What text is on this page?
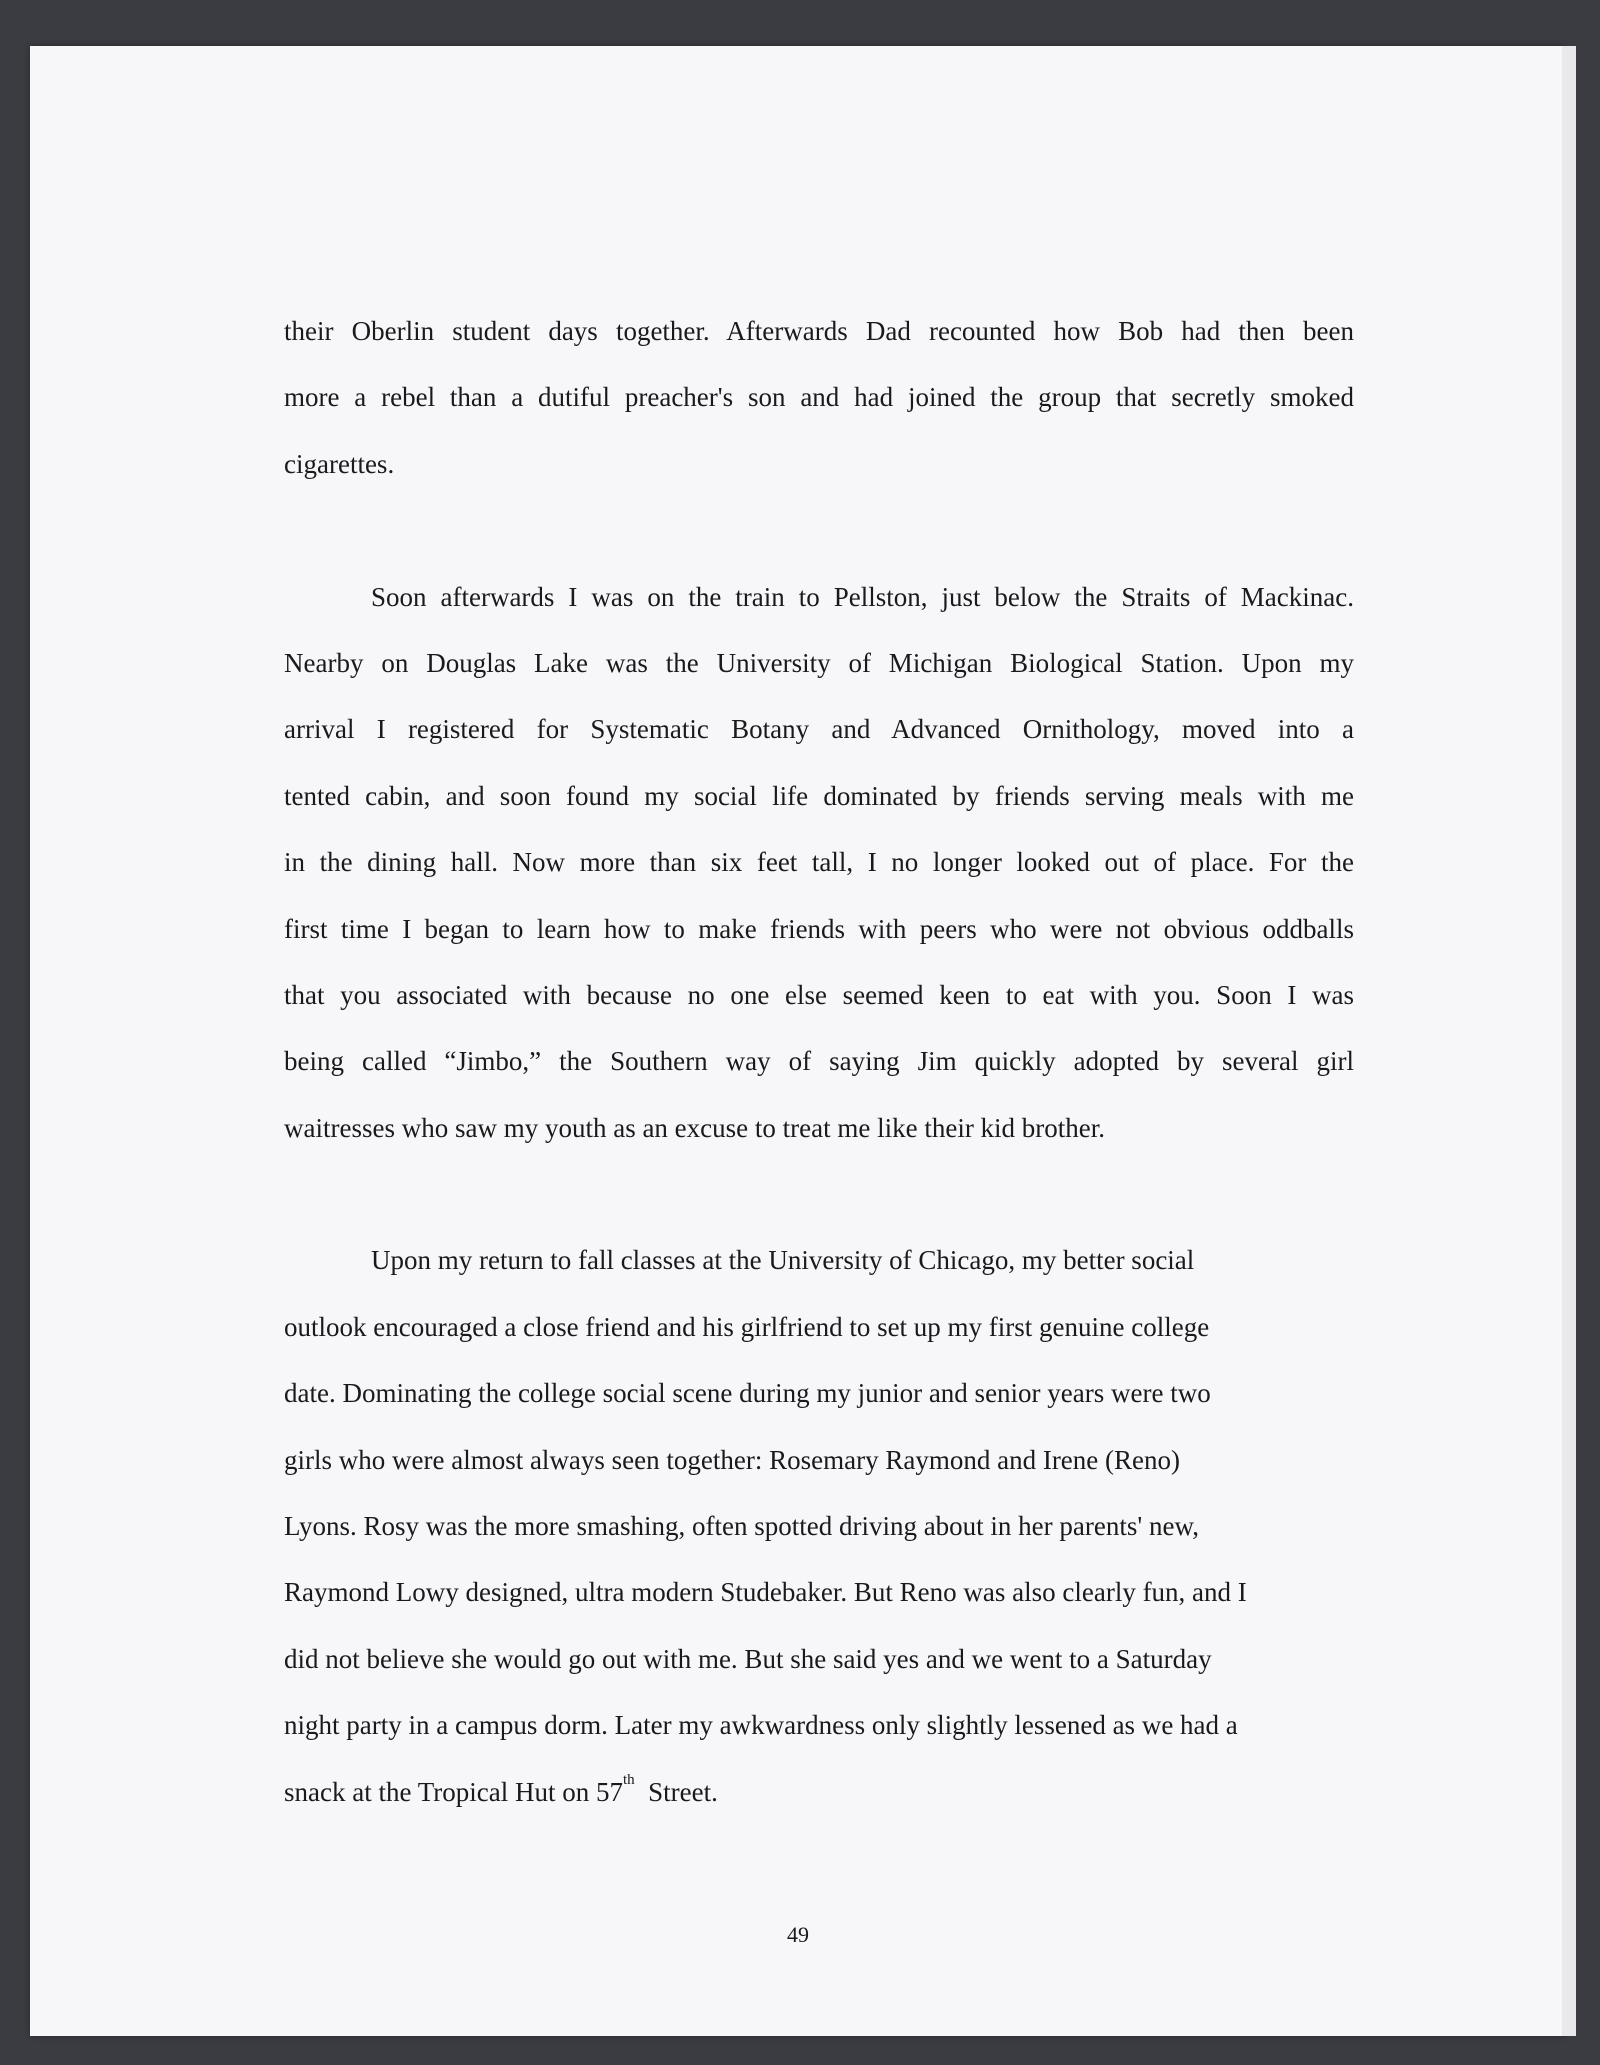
their Oberlin student days together. Afterwards Dad recounted how Bob had then been
more a rebel than a dutiful preacher's son and had joined the group that secretly smoked
cigarettes.
Soon afterwards I was on the train to Pellston, just below the Straits of Mackinac.
Nearby on Douglas Lake was the University of Michigan Biological Station. Upon my
arrival I registered for Systematic Botany and Advanced Ornithology, moved into a
tented cabin, and soon found my social life dominated by friends serving meals with me
in the dining hall. Now more than six feet tall, I no longer looked out of place. For the
first time I began to learn how to make friends with peers who were not obvious oddballs
that you associated with because no one else seemed keen to eat with you. Soon I was
being called “Jimbo,” the Southern way of saying Jim quickly adopted by several girl
waitresses who saw my youth as an excuse to treat me like their kid brother.
Upon my return to fall classes at the University of Chicago, my better social
outlook encouraged a close friend and his girlfriend to set up my first genuine college
date. Dominating the college social scene during my junior and senior years were two
girls who were almost always seen together: Rosemary Raymond and Irene (Reno)
Lyons. Rosy was the more smashing, often spotted driving about in her parents' new,
Raymond Lowy designed, ultra modern Studebaker. But Reno was also clearly fun, and I
did not believe she would go out with me. But she said yes and we went to a Saturday
night party in a campus dorm. Later my awkwardness only slightly lessened as we had a
snack at the Tropical Hut on 57th  Street.
49
